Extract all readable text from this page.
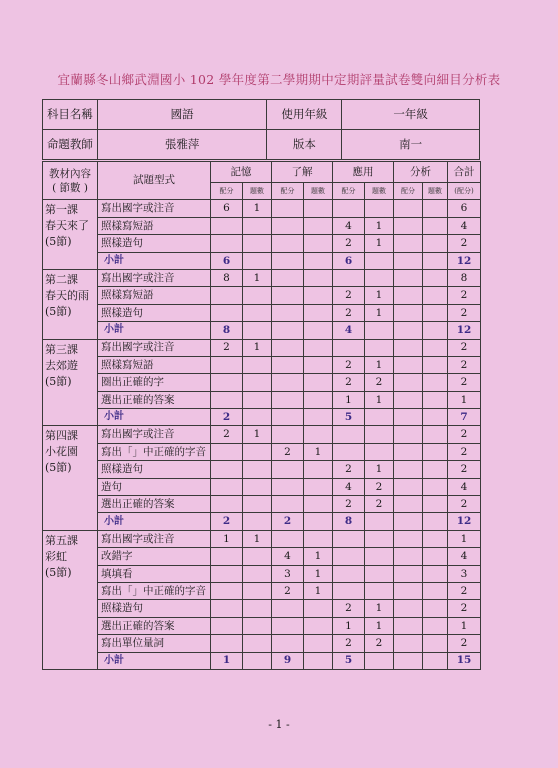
宜蘭縣冬山鄉武淵國小 102 學年度第二學期期中定期評量試卷雙向細目分析表
科目名稱	國語	使用年級	一年級
命題教師	張雅萍	版本	南一
教材內容
( 節數 )	試題型式	記憶		了解		應用		分析		合計
		配分	題數	配分	題數	配分	題數	配分	題數	(配分)
第一課
春天來了
(5節)	寫出國字或注音	6	1							6
	照樣寫短語					4	1			4
	照樣造句					2	1			2
	小計	6				6				12
第二課
春天的雨
(5節)	寫出國字或注音	8	1							8
	照樣寫短語					2	1			2
	照樣造句					2	1			2
	小計	8				4				12
第三課
去郊遊
(5節)	寫出國字或注音	2	1							2
	照樣寫短語					2	1			2
	圈出正確的字					2	2			2
	選出正確的答案					1	1			1
	小計	2				5				7
第四課
小花園
(5節)	寫出國字或注音	2	1							2
	寫出「」中正確的字音			2	1					2
	照樣造句					2	1			2
	造句					4	2			4
	選出正確的答案					2	2			2
	小計	2		2		8				12
第五課
彩虹
(5節)	寫出國字或注音	1	1							1
	改錯字			4	1					4
	填填看			3	1					3
	寫出「」中正確的字音			2	1					2
	照樣造句					2	1			2
	選出正確的答案					1	1			1
	寫出單位量詞					2	2			2
	小計	1		9		5				15
- 1 -
